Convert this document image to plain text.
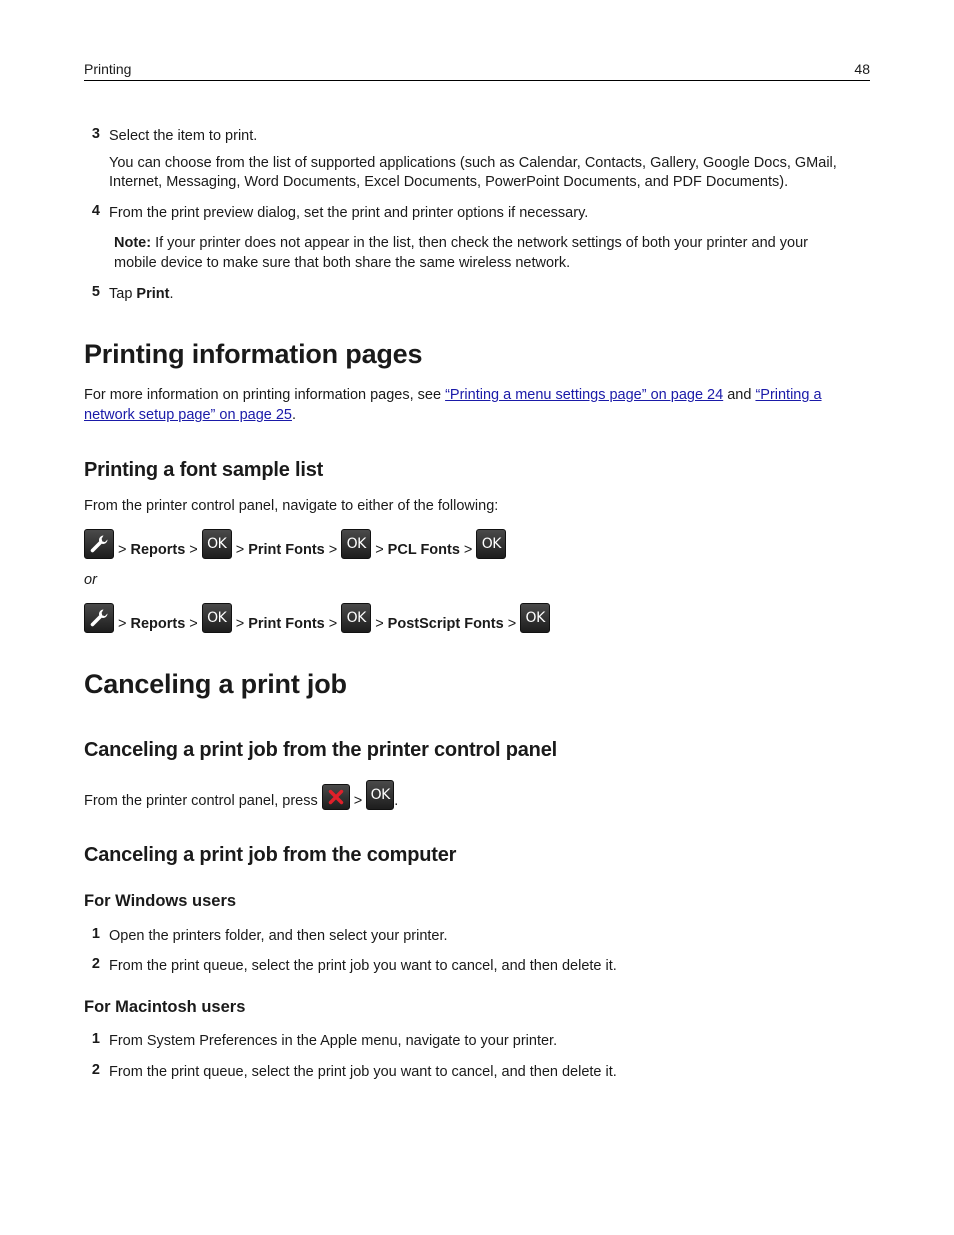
Printing	48
3 Select the item to print.
You can choose from the list of supported applications (such as Calendar, Contacts, Gallery, Google Docs, GMail,
Internet, Messaging, Word Documents, Excel Documents, PowerPoint Documents, and PDF Documents).
4 From the print preview dialog, set the print and printer options if necessary.
Note: If your printer does not appear in the list, then check the network settings of both your printer and your
mobile device to make sure that both share the same wireless network.
5 Tap Print.
Printing information pages
For more information on printing information pages, see “Printing a menu settings page” on page 24 and “Printing a
network setup page” on page 25.
Printing a font sample list
From the printer control panel, navigate to either of the following:
> Reports > OK > Print Fonts > OK > PCL Fonts > OK
or
> Reports > OK > Print Fonts > OK > PostScript Fonts > OK
Canceling a print job
Canceling a print job from the printer control panel
From the printer control panel, press > OK .
Canceling a print job from the computer
For Windows users
1 Open the printers folder, and then select your printer.
2 From the print queue, select the print job you want to cancel, and then delete it.
For Macintosh users
1 From System Preferences in the Apple menu, navigate to your printer.
2 From the print queue, select the print job you want to cancel, and then delete it.
